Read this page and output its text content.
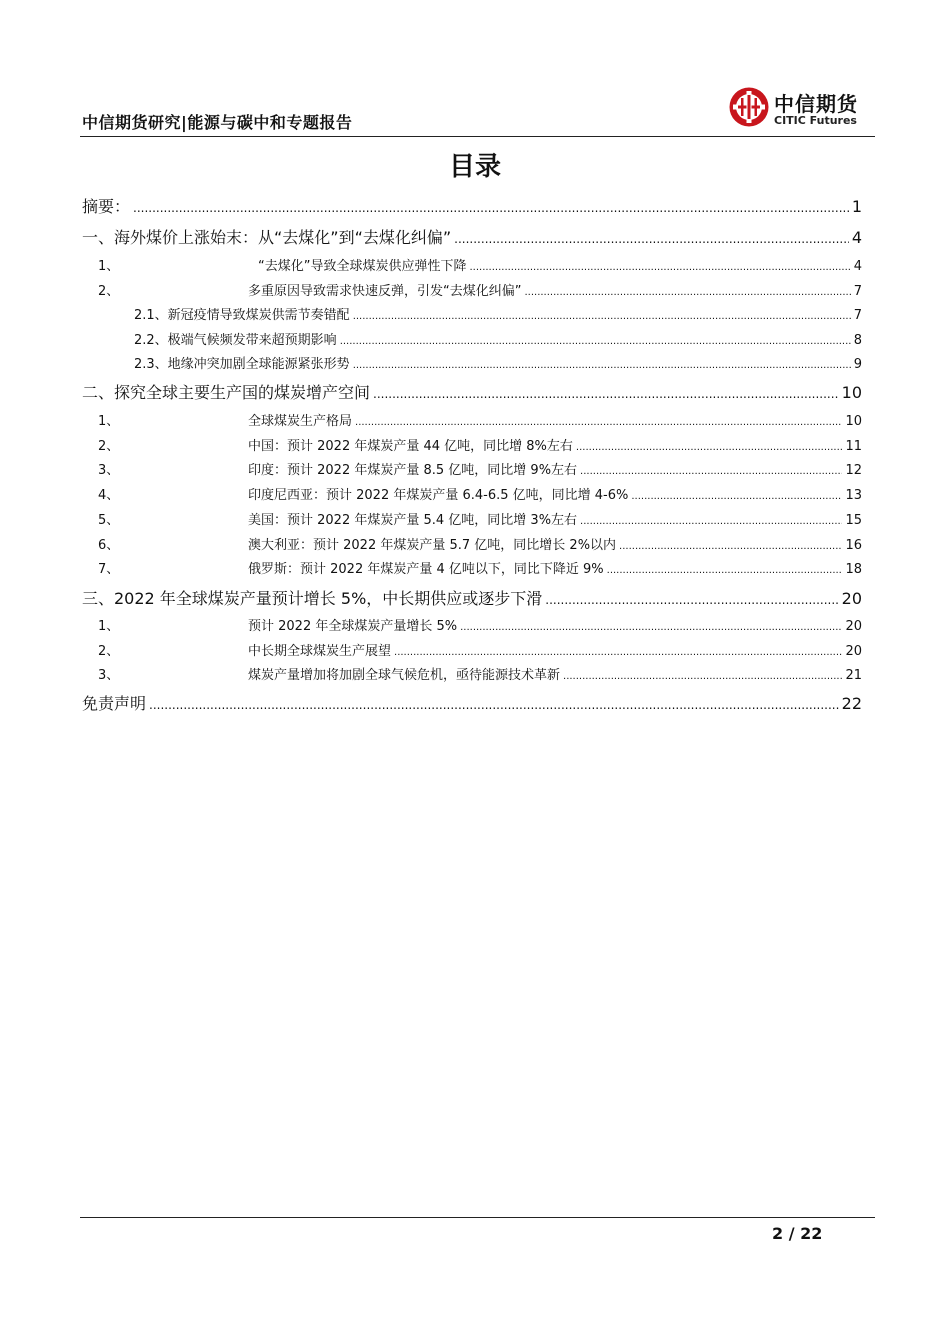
中信期货研究|能源与碳中和专题报告
中信期货
CITIC Futures
目录
摘要： .....	1
一、海外煤价上涨始末：从“去煤化”到“去煤化纠偏” .....	4
1、	“去煤化”导致全球煤炭供应弹性下降 .....	4
2、	多重原因导致需求快速反弹，引发“去煤化纠偏” .....	7
2.1、新冠疫情导致煤炭供需节奏错配 .....	7
2.2、极端气候频发带来超预期影响 .....	8
2.3、地缘冲突加剧全球能源紧张形势 .....	9
二、探究全球主要生产国的煤炭增产空间 .....	10
1、	全球煤炭生产格局 .....	10
2、	中国：预计 2022 年煤炭产量 44 亿吨，同比增 8%左右 .....	11
3、	印度：预计 2022 年煤炭产量 8.5 亿吨，同比增 9%左右 .....	12
4、	印度尼西亚：预计 2022 年煤炭产量 6.4-6.5 亿吨，同比增 4-6% .....	13
5、	美国：预计 2022 年煤炭产量 5.4 亿吨，同比增 3%左右 .....	15
6、	澳大利亚：预计 2022 年煤炭产量 5.7 亿吨，同比增长 2%以内 .....	16
7、	俄罗斯：预计 2022 年煤炭产量 4 亿吨以下，同比下降近 9% .....	18
三、2022 年全球煤炭产量预计增长 5%，中长期供应或逐步下滑 .....	20
1、	预计 2022 年全球煤炭产量增长 5% .....	20
2、	中长期全球煤炭生产展望 .....	20
3、	煤炭产量增加将加剧全球气候危机，亟待能源技术革新 .....	21
免责声明 .....	22
2 / 22
